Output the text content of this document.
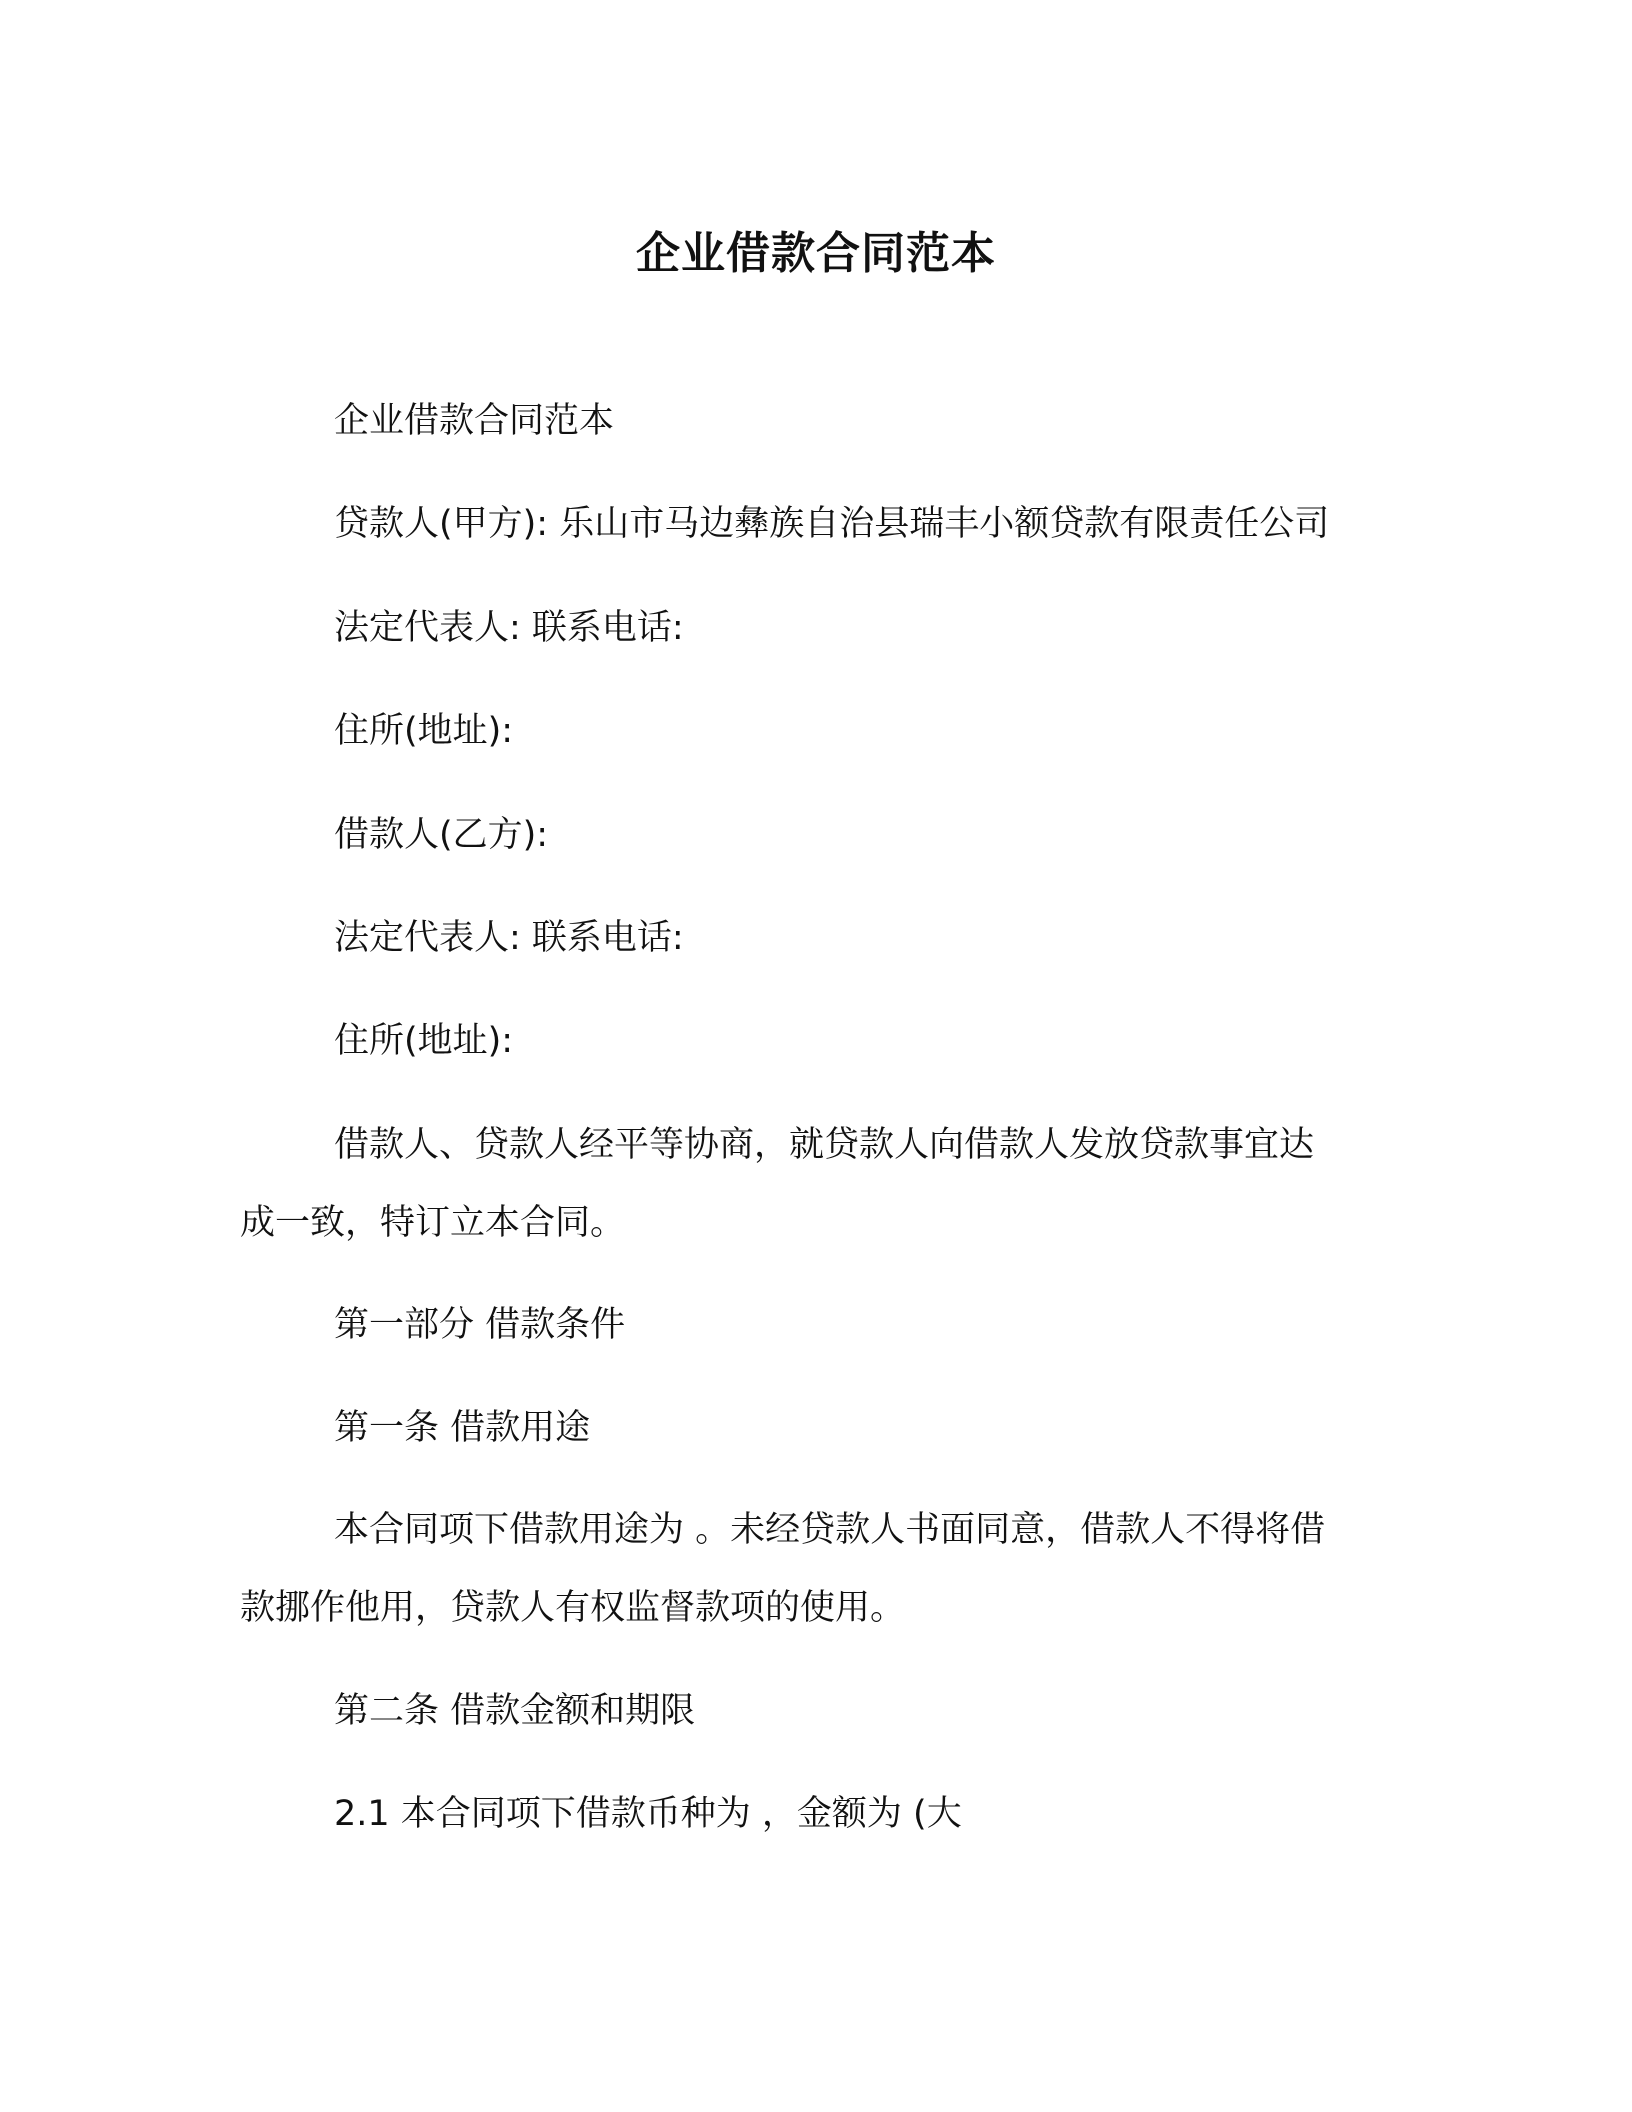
企业借款合同范本
企业借款合同范本
贷款人(甲方): 乐山市马边彝族自治县瑞丰小额贷款有限责任公司
法定代表人: 联系电话:
住所(地址):
借款人(乙方):
法定代表人: 联系电话:
住所(地址):
借款人、贷款人经平等协商，就贷款人向借款人发放贷款事宜达
成一致，特订立本合同。
第一部分 借款条件
第一条 借款用途
本合同项下借款用途为 。未经贷款人书面同意，借款人不得将借
款挪作他用，贷款人有权监督款项的使用。
第二条 借款金额和期限
2.1 本合同项下借款币种为 ，金额为 (大
